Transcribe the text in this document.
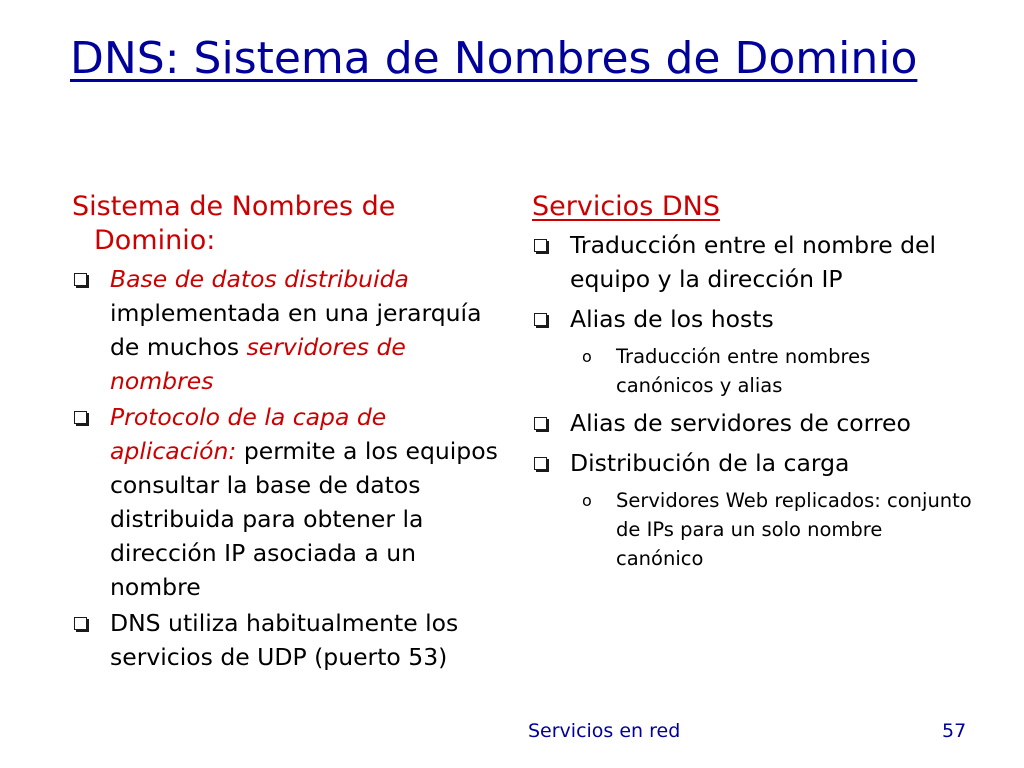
DNS: Sistema de Nombres de Dominio
Sistema de Nombres de Dominio:
Base de datos distribuida implementada en una jerarquía de muchos servidores de nombres
Protocolo de la capa de aplicación: permite a los equipos consultar la base de datos distribuida para obtener la dirección IP asociada a un nombre
DNS utiliza habitualmente los servicios de UDP (puerto 53)
Servicios DNS
Traducción entre el nombre del equipo y la dirección IP
Alias de los hosts
o Traducción entre nombres canónicos y alias
Alias de servidores de correo
Distribución de la carga
o Servidores Web replicados: conjunto de IPs para un solo nombre canónico
Servicios en red	57
